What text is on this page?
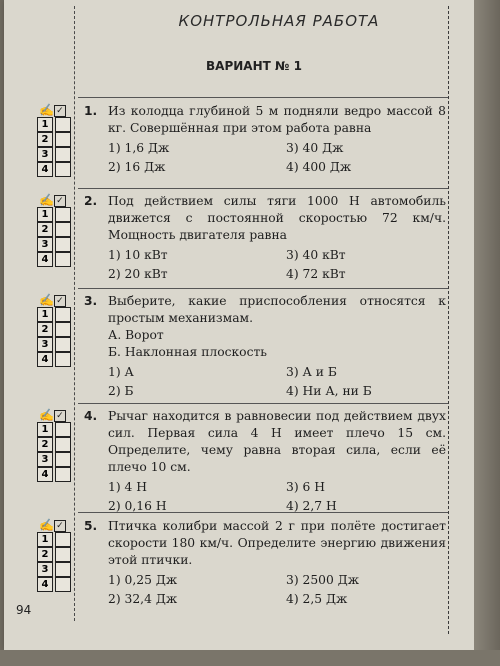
КОНТРОЛЬНАЯ РАБОТА
ВАРИАНТ № 1
✍ ✓
1
2
3
4
✍ ✓
1
2
3
4
✍ ✓
1
2
3
4
✍ ✓
1
2
3
4
✍ ✓
1
2
3
4
1. Из колодца глубиной 5 м подняли ведро массой 8 кг. Совершённая при этом работа равна
1) 1,6 Дж	3) 40 Дж
2) 16 Дж	4) 400 Дж
2. Под действием силы тяги 1000 Н автомобиль движется с постоянной скоростью 72 км/ч. Мощность двигателя равна
1) 10 кВт	3) 40 кВт
2) 20 кВт	4) 72 кВт
3. Выберите, какие приспособления относятся к простым механизмам.
А. Ворот
Б. Наклонная плоскость
1) А	3) А и Б
2) Б	4) Ни А, ни Б
4. Рычаг находится в равновесии под действием двух сил. Первая сила 4 Н имеет плечо 15 см. Определите, чему равна вторая сила, если её плечо 10 см.
1) 4 Н	3) 6 Н
2) 0,16 Н	4) 2,7 Н
5. Птичка колибри массой 2 г при полёте достигает скорости 180 км/ч. Определите энергию движения этой птички.
1) 0,25 Дж	3) 2500 Дж
2) 32,4 Дж	4) 2,5 Дж
94
